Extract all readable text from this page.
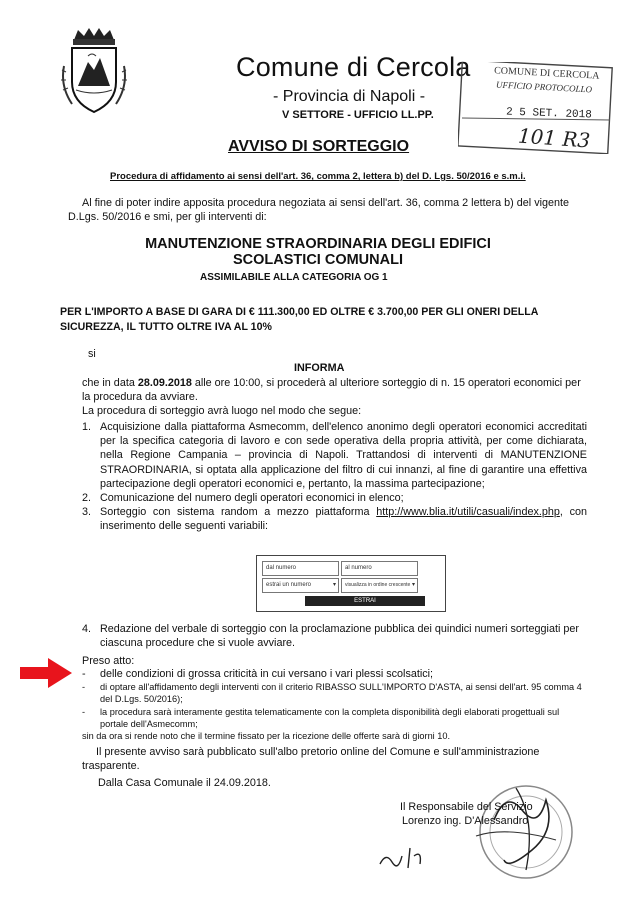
Comune di Cercola
- Provincia di Napoli -
V SETTORE - UFFICIO LL.PP.
COMUNE DI CERCOLA
UFFICIO PROTOCOLLO
2 5 SET. 2018
101 R3
AVVISO DI SORTEGGIO
Procedura di affidamento ai sensi dell'art. 36, comma 2, lettera b) del D. Lgs. 50/2016 e s.m.i.
Al fine di poter indire apposita procedura negoziata ai sensi dell'art. 36, comma 2 lettera b) del vigente D.Lgs. 50/2016 e smi, per gli interventi di:
MANUTENZIONE STRAORDINARIA DEGLI EDIFICI SCOLASTICI COMUNALI
ASSIMILABILE ALLA CATEGORIA OG 1
PER L'IMPORTO A BASE DI GARA DI € 111.300,00 ED OLTRE € 3.700,00 PER GLI ONERI DELLA SICUREZZA, IL TUTTO OLTRE IVA AL 10%
si
INFORMA
che in data 28.09.2018 alle ore 10:00, si procederà al ulteriore sorteggio di n. 15 operatori economici per la procedura da avviare.
La procedura di sorteggio avrà luogo nel modo che segue:
1. Acquisizione dalla piattaforma Asmecomm, dell'elenco anonimo degli operatori economici accreditati per la specifica categoria di lavoro e con sede operativa della propria attività, per come dichiarata, nella Regione Campania – provincia di Napoli. Trattandosi di interventi di MANUTENZIONE STRAORDINARIA, si optata alla applicazione del filtro di cui innanzi, al fine di garantire una effettiva partecipazione degli operatori economici e, pertanto, la massima partecipazione;
2. Comunicazione del numero degli operatori economici in elenco;
3. Sorteggio con sistema random a mezzo piattaforma http://www.blia.it/utili/casuali/index.php, con inserimento delle seguenti variabili:
dal numero	al numero
estrai un numero	▾	visualizza in ordine crescente ▾
ESTRAI
4. Redazione del verbale di sorteggio con la proclamazione pubblica dei quindici numeri sorteggiati per ciascuna procedure che si vuole avviare.
Preso atto:
- delle condizioni di grossa criticità in cui versano i vari plessi scolsatici;
- di optare all'affidamento degli interventi con il criterio RIBASSO SULL'IMPORTO D'ASTA, ai sensi dell'art. 95 comma 4 del D.Lgs. 50/2016);
- la procedura sarà interamente gestita telematicamente con la completa disponibilità degli elaborati progettuali sul portale dell'Asmecomm;
sin da ora si rende noto che il termine fissato per la ricezione delle offerte sarà di giorni 10.
Il presente avviso sarà pubblicato sull'albo pretorio online del Comune e sull'amministrazione trasparente.
Dalla Casa Comunale il 24.09.2018.
Il Responsabile del Servizio
Lorenzo ing. D'Alessandro
